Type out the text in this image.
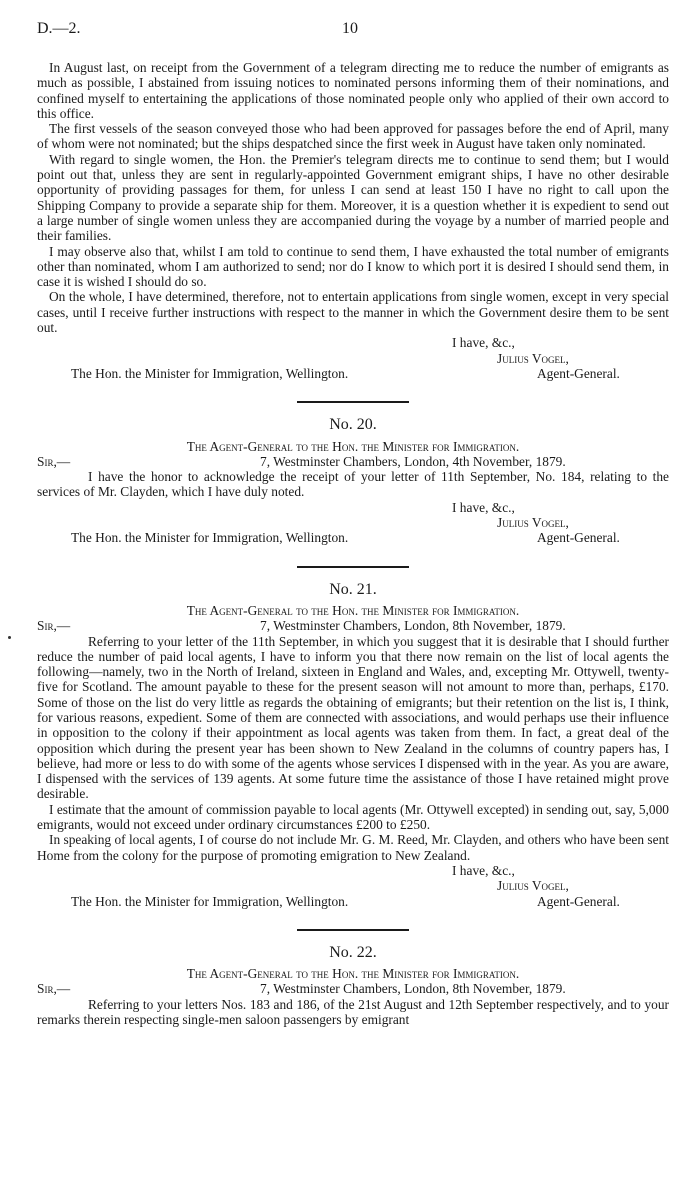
10
D.—2.

In August last, on receipt from the Government of a telegram directing me to reduce the number of emigrants as much as possible, I abstained from issuing notices to nominated persons informing them of their nominations, and confined myself to entertaining the applications of those nominated people only who applied of their own accord to this office.

The first vessels of the season conveyed those who had been approved for passages before the end of April, many of whom were not nominated; but the ships despatched since the first week in August have taken only nominated.

With regard to single women, the Hon. the Premier's telegram directs me to continue to send them; but I would point out that, unless they are sent in regularly-appointed Government emigrant ships, I have no other desirable opportunity of providing passages for them, for unless I can send at least 150 I have no right to call upon the Shipping Company to provide a separate ship for them. Moreover, it is a question whether it is expedient to send out a large number of single women unless they are accompanied during the voyage by a number of married people and their families.

I may observe also that, whilst I am told to continue to send them, I have exhausted the total number of emigrants other than nominated, whom I am authorized to send; nor do I know to which port it is desired I should send them, in case it is wished I should do so.

On the whole, I have determined, therefore, not to entertain applications from single women, except in very special cases, until I receive further instructions with respect to the manner in which the Government desire them to be sent out.

I have, &c.,
Julius Vogel,
The Hon. the Minister for Immigration, Wellington.	Agent-General.
No. 20.
The Agent-General to the Hon. the Minister for Immigration.
Sir,—	7, Westminster Chambers, London, 4th November, 1879.

I have the honor to acknowledge the receipt of your letter of 11th September, No. 184, relating to the services of Mr. Clayden, which I have duly noted.

I have, &c.,
Julius Vogel,
The Hon. the Minister for Immigration, Wellington.	Agent-General.
No. 21.
The Agent-General to the Hon. the Minister for Immigration.
Sir,—	7, Westminster Chambers, London, 8th November, 1879.

Referring to your letter of the 11th September, in which you suggest that it is desirable that I should further reduce the number of paid local agents, I have to inform you that there now remain on the list of local agents the following—namely, two in the North of Ireland, sixteen in England and Wales, and, excepting Mr. Ottywell, twenty-five for Scotland. The amount payable to these for the present season will not amount to more than, perhaps, £170. Some of those on the list do very little as regards the obtaining of emigrants; but their retention on the list is, I think, for various reasons, expedient. Some of them are connected with associations, and would perhaps use their influence in opposition to the colony if their appointment as local agents was taken from them. In fact, a great deal of the opposition which during the present year has been shown to New Zealand in the columns of country papers has, I believe, had more or less to do with some of the agents whose services I dispensed with in the year. As you are aware, I dispensed with the services of 139 agents. At some future time the assistance of those I have retained might prove desirable.

I estimate that the amount of commission payable to local agents (Mr. Ottywell excepted) in sending out, say, 5,000 emigrants, would not exceed under ordinary circumstances £200 to £250.

In speaking of local agents, I of course do not include Mr. G. M. Reed, Mr. Clayden, and others who have been sent Home from the colony for the purpose of promoting emigration to New Zealand.

I have, &c.,
Julius Vogel,
The Hon. the Minister for Immigration, Wellington.	Agent-General.
No. 22.
The Agent-General to the Hon. the Minister for Immigration.
Sir,—	7, Westminster Chambers, London, 8th November, 1879.

Referring to your letters Nos. 183 and 186, of the 21st August and 12th September respectively, and to your remarks therein respecting single-men saloon passengers by emigrant
